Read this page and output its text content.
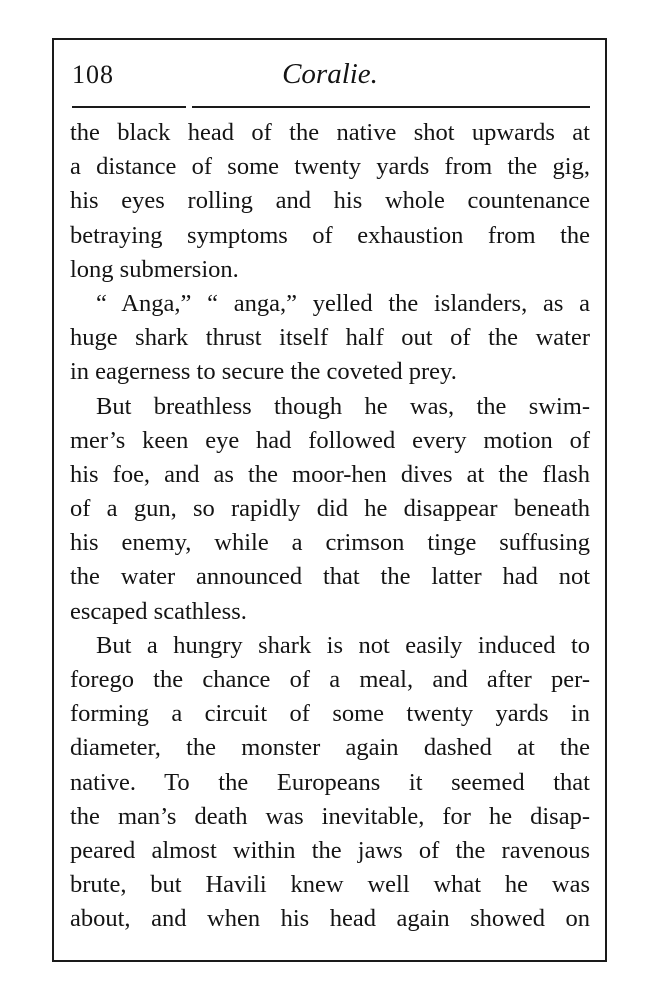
108	Coralie.
the black head of the native shot upwards at
a distance of some twenty yards from the gig,
his eyes rolling and his whole countenance
betraying symptoms of exhaustion from the
long submersion.
“ Anga,” “ anga,” yelled the islanders, as a
huge shark thrust itself half out of the water
in eagerness to secure the coveted prey.
But breathless though he was, the swim-
mer’s keen eye had followed every motion of
his foe, and as the moor-hen dives at the flash
of a gun, so rapidly did he disappear beneath
his enemy, while a crimson tinge suffusing
the water announced that the latter had not
escaped scathless.
But a hungry shark is not easily induced to
forego the chance of a meal, and after per-
forming a circuit of some twenty yards in
diameter, the monster again dashed at the
native. To the Europeans it seemed that
the man’s death was inevitable, for he disap-
peared almost within the jaws of the ravenous
brute, but Havili knew well what he was
about, and when his head again showed on
